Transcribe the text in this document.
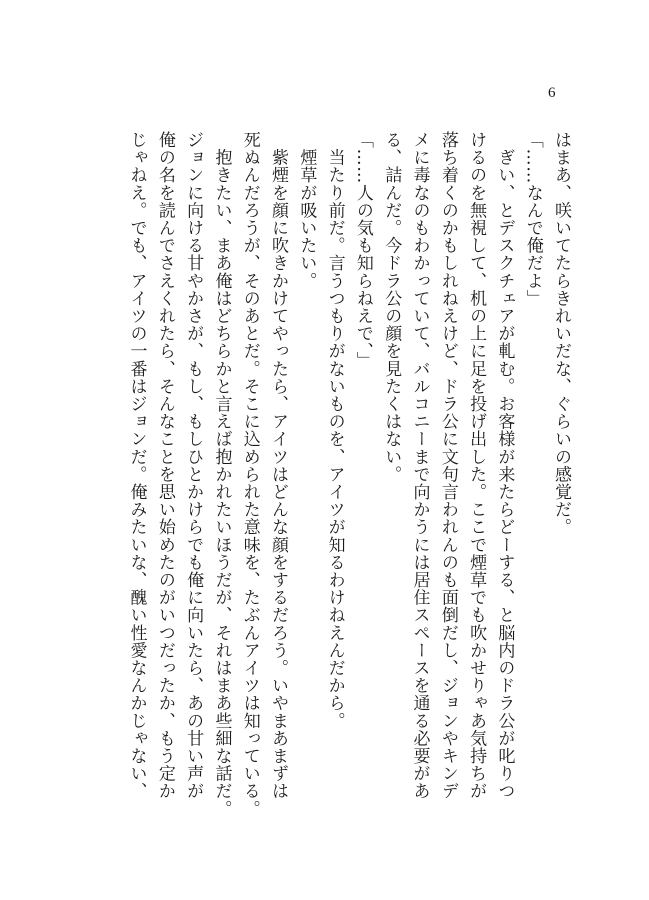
6
はまあ、咲いてたらきれいだな、ぐらいの感覚だ。
「……なんで俺だよ」
　ぎい、とデスクチェアが軋む。お客様が来たらどーする、と脳内のドラ公が叱りつ
けるのを無視して、机の上に足を投げ出した。ここで煙草でも吹かせりゃあ気持ちが
落ち着くのかもしれねえけど、ドラ公に文句言われんのも面倒だし、ジョンやキンデ
メに毒なのもわかっていて、バルコニーまで向かうには居住スペースを通る必要があ
る、詰んだ。今ドラ公の顔を見たくはない。
「……人の気も知らねえで、」
　当たり前だ。言うつもりがないものを、アイツが知るわけねえんだから。
　煙草が吸いたい。
　紫煙を顔に吹きかけてやったら、アイツはどんな顔をするだろう。いやまあまずは
死ぬんだろうが、そのあとだ。そこに込められた意味を、たぶんアイツは知っている。
　抱きたい、まあ俺はどちらかと言えば抱かれたいほうだが、それはまあ些細な話だ。
ジョンに向ける甘やかさが、もし、もしひとかけらでも俺に向いたら、あの甘い声が
俺の名を読んでさえくれたら、そんなことを思い始めたのがいつだったか、もう定か
じゃねえ。でも、アイツの一番はジョンだ。俺みたいな、醜い性愛なんかじゃない、
